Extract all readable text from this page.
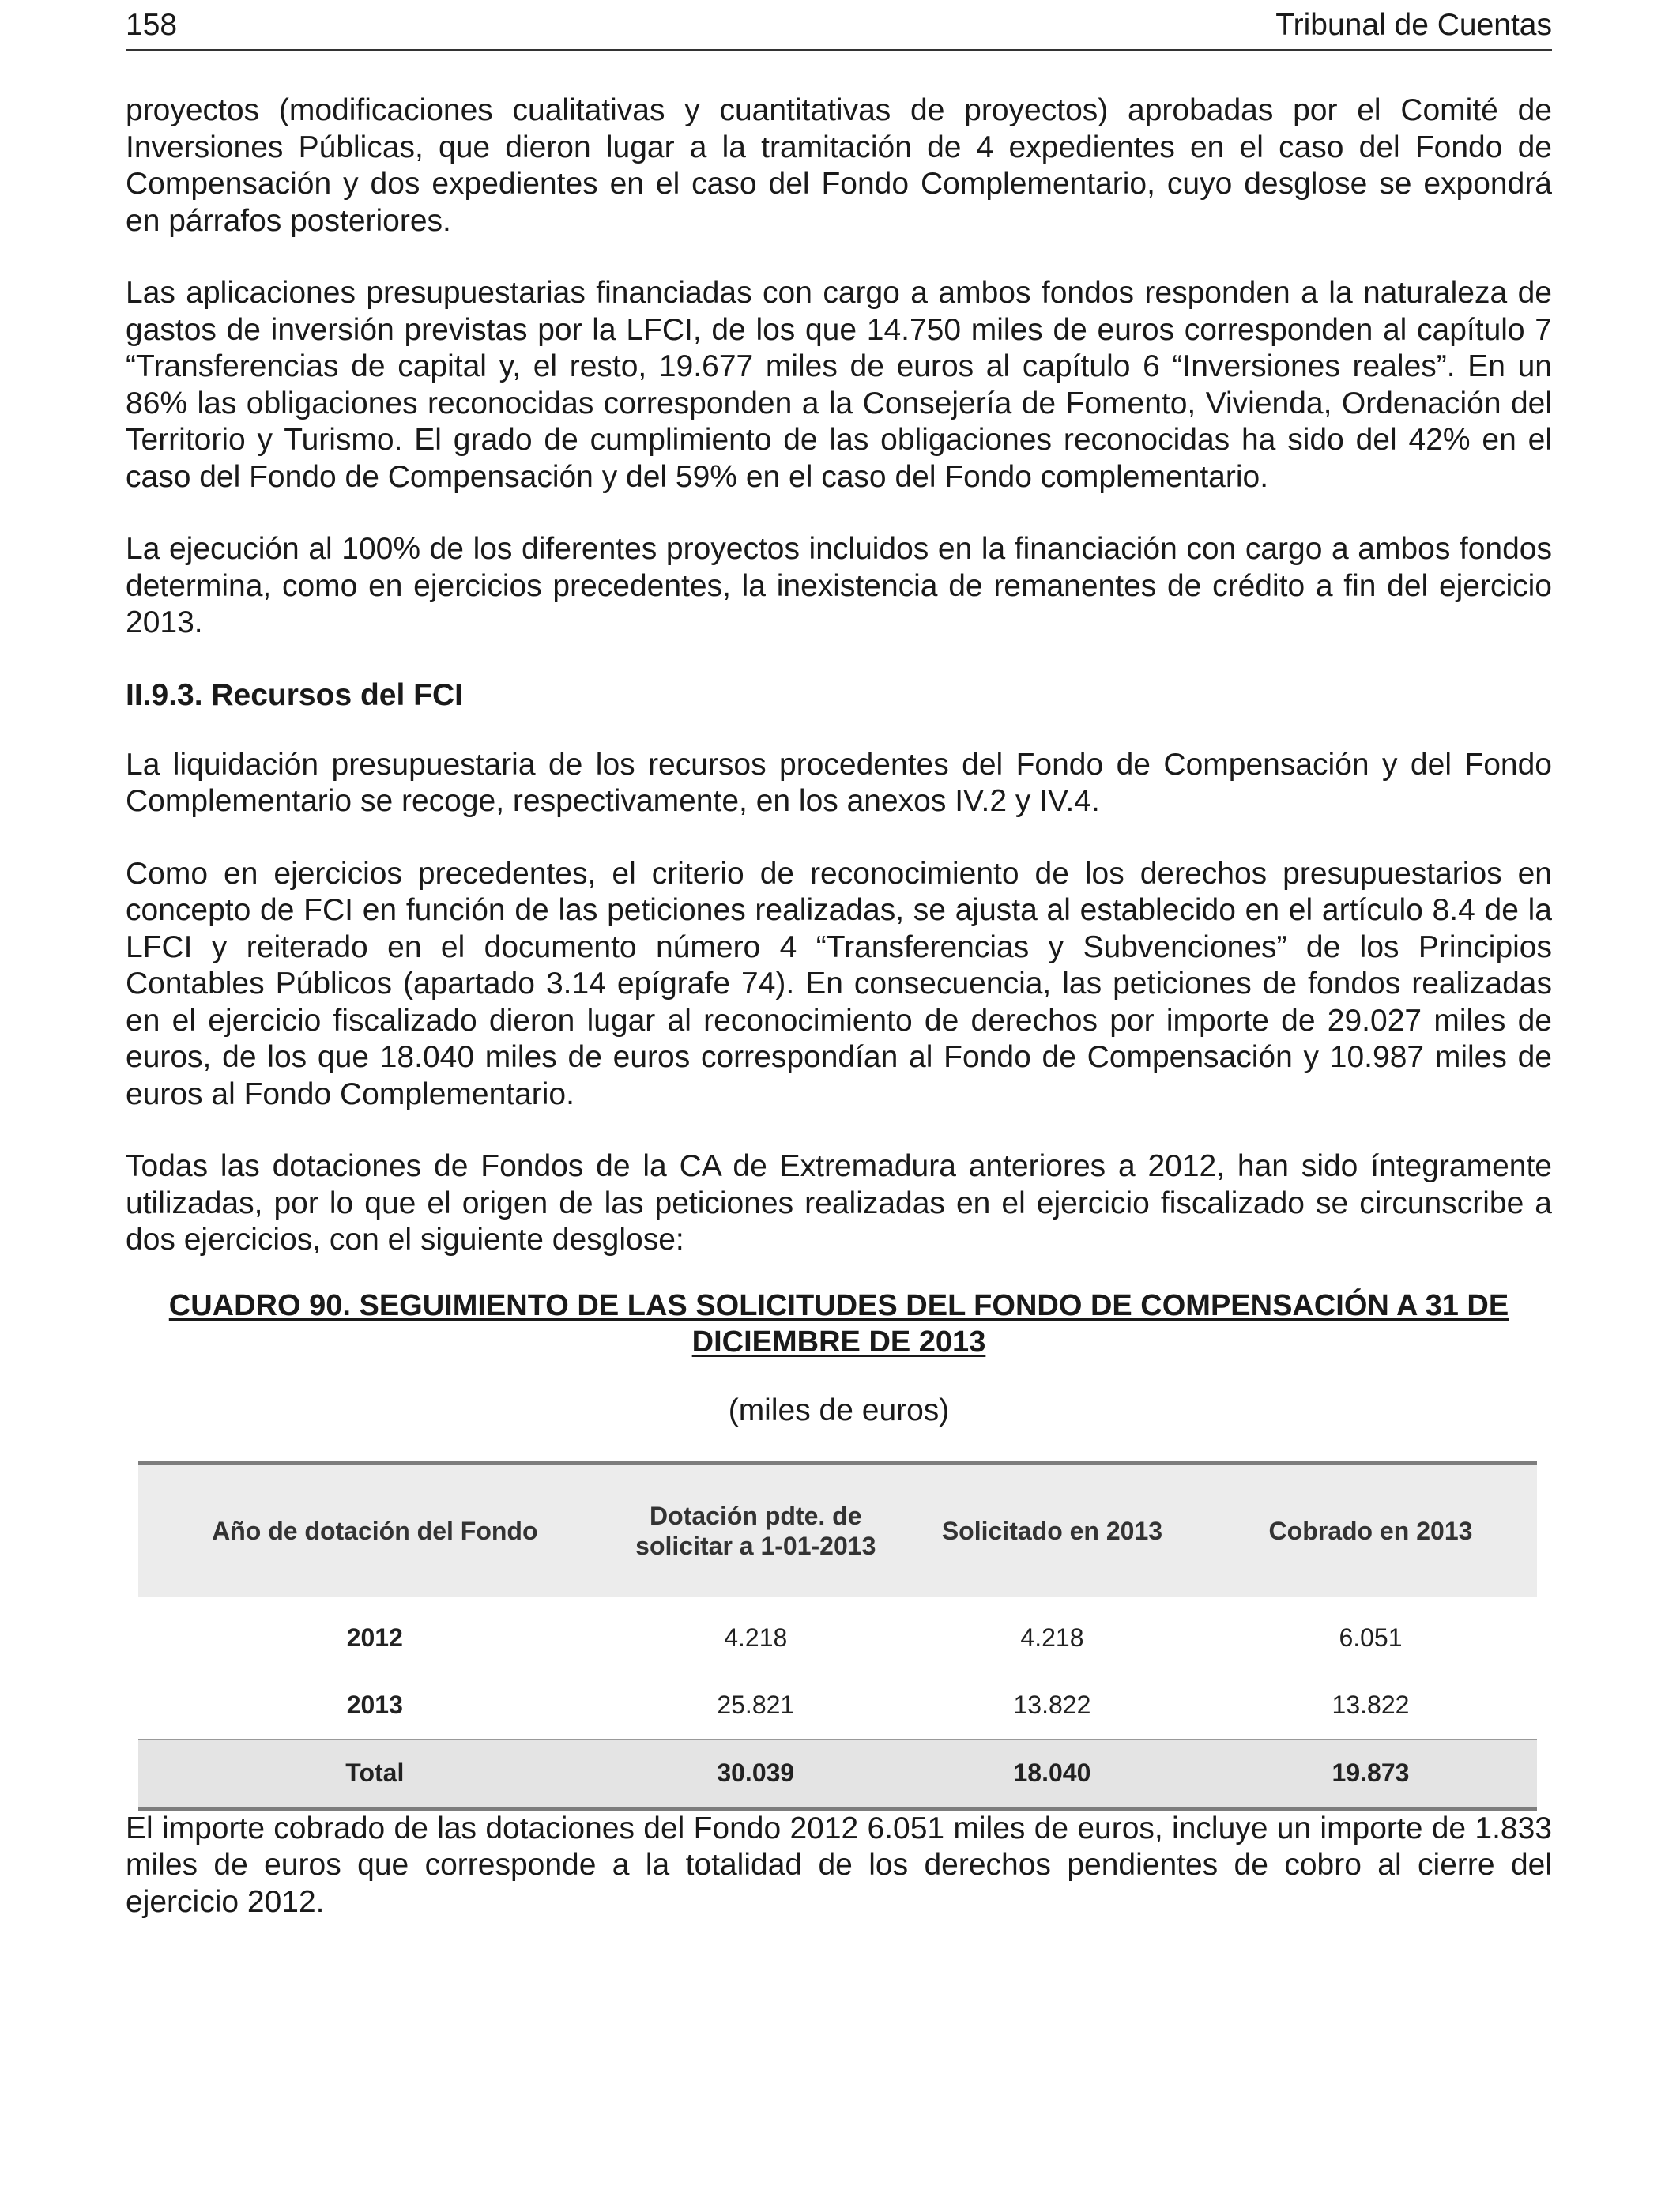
158	Tribunal de Cuentas

proyectos (modificaciones cualitativas y cuantitativas de proyectos) aprobadas por el Comité de Inversiones Públicas, que dieron lugar a la tramitación de 4 expedientes en el caso del Fondo de Compensación y dos expedientes en el caso del Fondo Complementario, cuyo desglose se expondrá en párrafos posteriores.

Las aplicaciones presupuestarias financiadas con cargo a ambos fondos responden a la naturaleza de gastos de inversión previstas por la LFCI, de los que 14.750 miles de euros corresponden al capítulo 7 “Transferencias de capital y, el resto, 19.677 miles de euros al capítulo 6 “Inversiones reales”. En un 86% las obligaciones reconocidas corresponden a la Consejería de Fomento, Vivienda, Ordenación del Territorio y Turismo. El grado de cumplimiento de las obligaciones reconocidas ha sido del 42% en el caso del Fondo de Compensación y del 59% en el caso del Fondo complementario.

La ejecución al 100% de los diferentes proyectos incluidos en la financiación con cargo a ambos fondos determina, como en ejercicios precedentes, la inexistencia de remanentes de crédito a fin del ejercicio 2013.

II.9.3. Recursos del FCI

La liquidación presupuestaria de los recursos procedentes del Fondo de Compensación y del Fondo Complementario se recoge, respectivamente, en los anexos IV.2 y IV.4.

Como en ejercicios precedentes, el criterio de reconocimiento de los derechos presupuestarios en concepto de FCI en función de las peticiones realizadas, se ajusta al establecido en el artículo 8.4 de la LFCI y reiterado en el documento número 4 “Transferencias y Subvenciones” de los Principios Contables Públicos (apartado 3.14 epígrafe 74). En consecuencia, las peticiones de fondos realizadas en el ejercicio fiscalizado dieron lugar al reconocimiento de derechos por importe de 29.027 miles de euros, de los que 18.040 miles de euros correspondían al Fondo de Compensación y 10.987 miles de euros al Fondo Complementario.

Todas las dotaciones de Fondos de la CA de Extremadura anteriores a 2012, han sido íntegramente utilizadas, por lo que el origen de las peticiones realizadas en el ejercicio fiscalizado se circunscribe a dos ejercicios, con el siguiente desglose:

CUADRO 90. SEGUIMIENTO DE LAS SOLICITUDES DEL FONDO DE COMPENSACIÓN A 31 DE DICIEMBRE DE 2013
(miles de euros)
Año de dotación del Fondo	Dotación pdte. de solicitar a 1-01-2013	Solicitado en 2013	Cobrado en 2013
2012	4.218	4.218	6.051
2013	25.821	13.822	13.822
Total	30.039	18.040	19.873

El importe cobrado de las dotaciones del Fondo 2012 6.051 miles de euros, incluye un importe de 1.833 miles de euros que corresponde a la totalidad de los derechos pendientes de cobro al cierre del ejercicio 2012.
